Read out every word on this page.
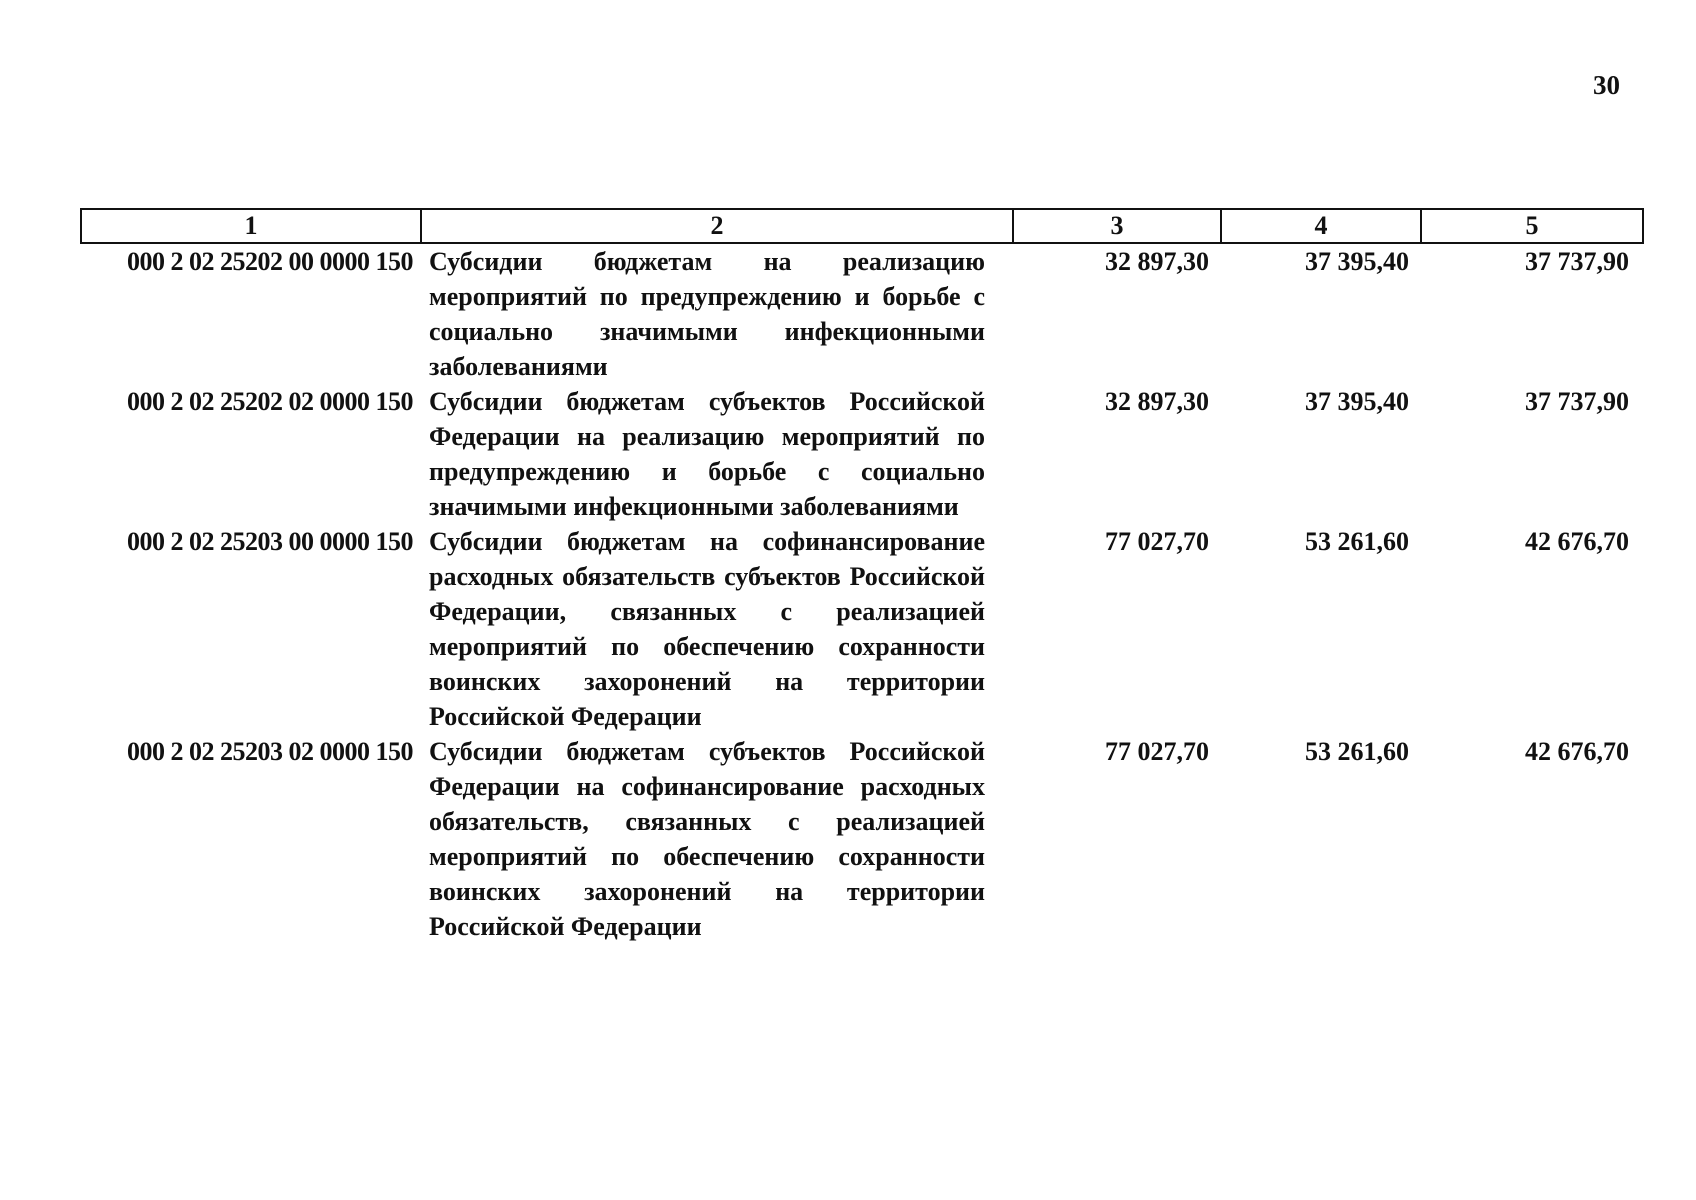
30
1	2	3	4	5
000 2 02 25202 00 0000 150	Субсидии бюджетам на реализацию мероприятий по предупреждению и борьбе с социально значимыми инфекционными заболеваниями	32 897,30	37 395,40	37 737,90
000 2 02 25202 02 0000 150	Субсидии бюджетам субъектов Российской Федерации на реализацию мероприятий по предупреждению и борьбе с социально значимыми инфекционными заболеваниями	32 897,30	37 395,40	37 737,90
000 2 02 25203 00 0000 150	Субсидии бюджетам на софинансирование расходных обязательств субъектов Российской Федерации, связанных с реализацией мероприятий по обеспечению сохранности воинских захоронений на территории Российской Федерации	77 027,70	53 261,60	42 676,70
000 2 02 25203 02 0000 150	Субсидии бюджетам субъектов Российской Федерации на софинансирование расходных обязательств, связанных с реализацией мероприятий по обеспечению сохранности воинских захоронений на территории Российской Федерации	77 027,70	53 261,60	42 676,70
